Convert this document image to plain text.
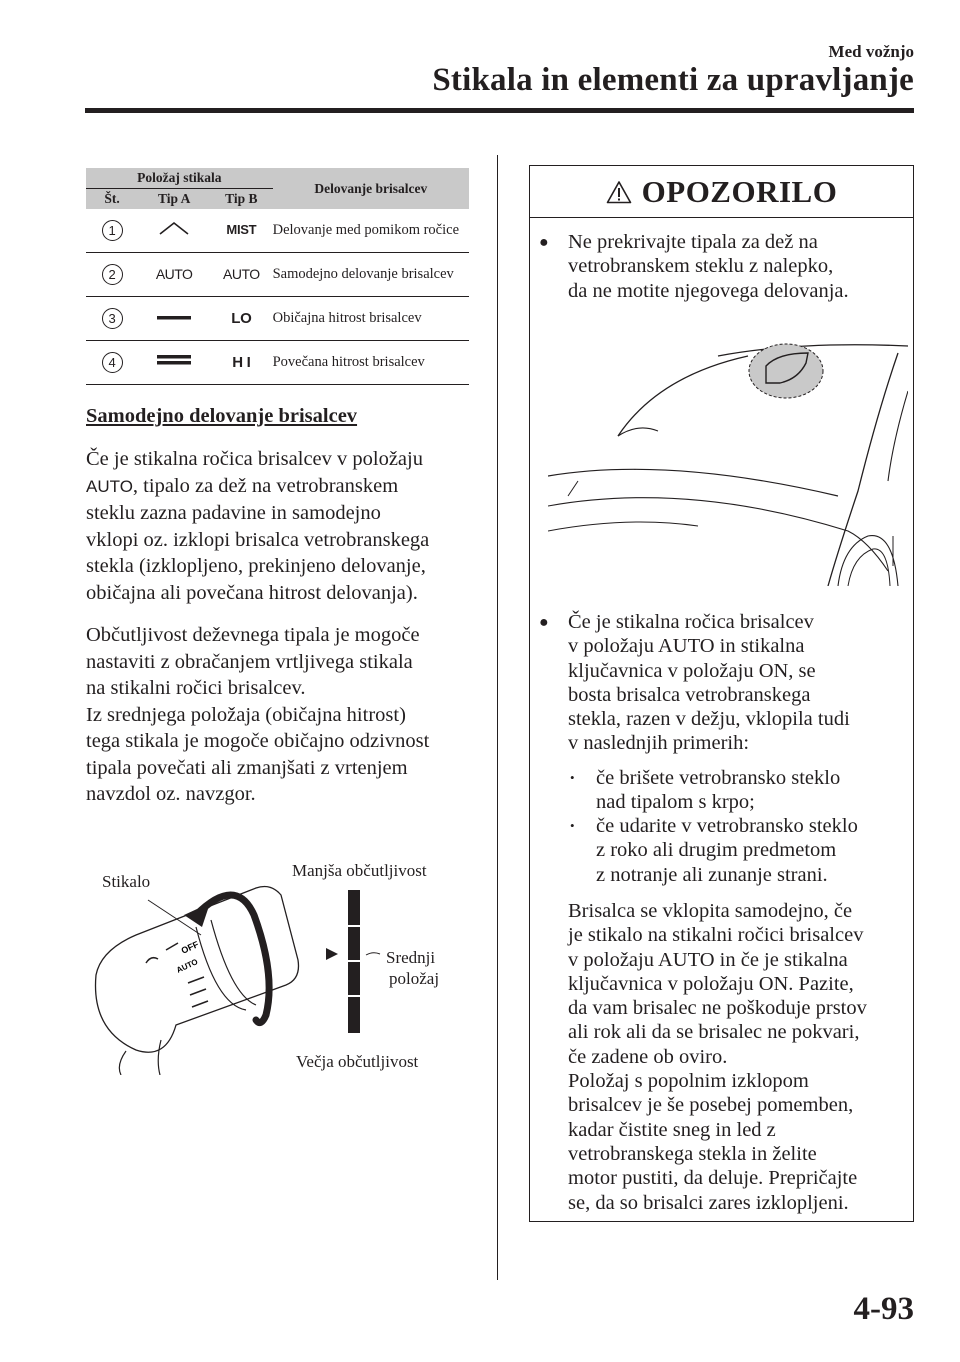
Med vožnjo
Stikala in elementi za upravljanje
Položaj stikala			Delovanje brisalcev
Št.	Tip A	Tip B	
1		MIST	Delovanje med pomikom ročice
2	AUTO	AUTO	Samodejno delovanje brisalcev
3		LO	Običajna hitrost brisalcev
4		H I	Povečana hitrost brisalcev
Samodejno delovanje brisalcev
Če je stikalna ročica brisalcev v položaju
AUTO, tipalo za dež na vetrobranskem
steklu zazna padavine in samodejno
vklopi oz. izklopi brisalca vetrobranskega
stekla (izklopljeno, prekinjeno delovanje,
običajna ali povečana hitrost delovanja).
Občutljivost deževnega tipala je mogoče
nastaviti z obračanjem vrtljivega stikala
na stikalni ročici brisalcev.
Iz srednjega položaja (običajna hitrost)
tega stikala je mogoče običajno odzivnost
tipala povečati ali zmanjšati z vrtenjem
navzdol oz. navzgor.
OFF
AUTO
Stikalo
Manjša občutljivost
Srednji
položaj
Večja občutljivost
OPOZORILO
● Ne prekrivajte tipala za dež na
vetrobranskem steklu z nalepko,
da ne motite njegovega delovanja.
● Če je stikalna ročica brisalcev
v položaju AUTO in stikalna
ključavnica v položaju ON, se
bosta brisalca vetrobranskega
stekla, razen v dežju, vklopila tudi
v naslednjih primerih:
• če brišete vetrobransko steklo
nad tipalom s krpo;
• če udarite v vetrobransko steklo
z roko ali drugim predmetom
z notranje ali zunanje strani.
Brisalca se vklopita samodejno, če
je stikalo na stikalni ročici brisalcev
v položaju AUTO in če je stikalna
ključavnica v položaju ON. Pazite,
da vam brisalec ne poškoduje prstov
ali rok ali da se brisalec ne pokvari,
če zadene ob oviro.
Položaj s popolnim izklopom
brisalcev je še posebej pomemben,
kadar čistite sneg in led z
vetrobranskega stekla in želite
motor pustiti, da deluje. Prepričajte
se, da so brisalci zares izklopljeni.
4-93
